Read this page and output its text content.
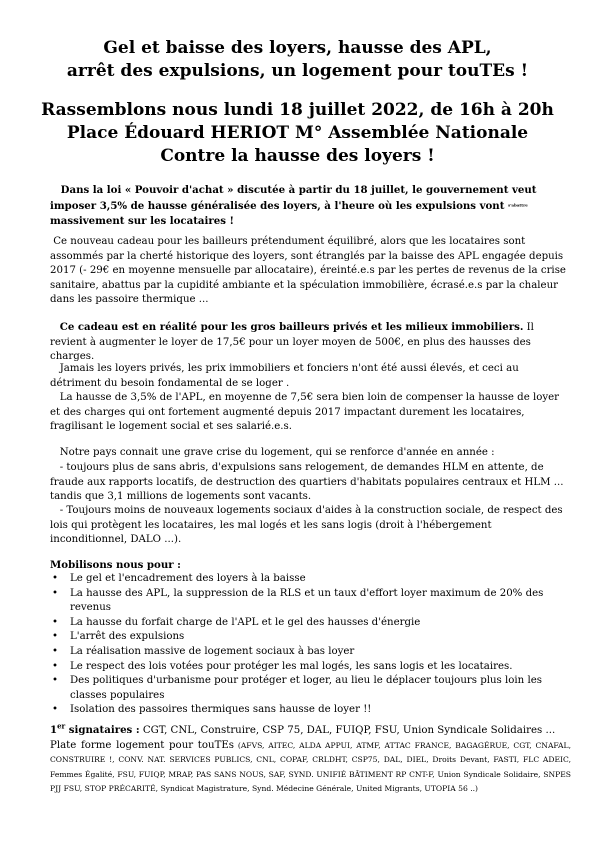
Gel et baisse des loyers, hausse des APL,
arrêt des expulsions, un logement pour touTEs !
Rassemblons nous lundi 18 juillet 2022, de 16h à 20h
Place Édouard HERIOT M° Assemblée Nationale
Contre la hausse des loyers !

Dans la loi « Pouvoir d'achat » discutée à partir du 18 juillet, le gouvernement veut imposer 3,5% de hausse généralisée des loyers, à l'heure où les expulsions vont s'abattre massivement sur les locataires !

Ce nouveau cadeau pour les bailleurs prétendument équilibré, alors que les locataires sont assommés par la cherté historique des loyers, sont étranglés par la baisse des APL engagée depuis 2017 (- 29€ en moyenne mensuelle par allocataire), éreinté.e.s par les pertes de revenus de la crise sanitaire, abattus par la cupidité ambiante et la spéculation immobilière, écrasé.e.s par la chaleur dans les passoire thermique ...

Ce cadeau est en réalité pour les gros bailleurs privés et les milieux immobiliers. Il revient à augmenter le loyer de 17,5€ pour un loyer moyen de 500€, en plus des hausses des charges.

Jamais les loyers privés, les prix immobiliers et fonciers n'ont été aussi élevés, et ceci au détriment du besoin fondamental de se loger .

La hausse de 3,5% de l'APL, en moyenne de 7,5€ sera bien loin de compenser la hausse de loyer et des charges qui ont fortement augmenté depuis 2017 impactant durement les locataires, fragilisant le logement social et ses salarié.e.s.

Notre pays connait une grave crise du logement, qui se renforce d'année en année :

- toujours plus de sans abris, d'expulsions sans relogement, de demandes HLM en attente, de fraude aux rapports locatifs, de destruction des quartiers d'habitats populaires centraux et HLM ... tandis que 3,1 millions de logements sont vacants.

- Toujours moins de nouveaux logements sociaux d'aides à la construction sociale, de respect des lois qui protègent les locataires, les mal logés et les sans logis (droit à l'hébergement inconditionnel, DALO ...).

Mobilisons nous pour :

• Le gel et l'encadrement des loyers à la baisse
• La hausse des APL, la suppression de la RLS et un taux d'effort loyer maximum de 20% des revenus
• La hausse du forfait charge de l'APL et le gel des hausses d'énergie
• L'arrêt des expulsions
• La réalisation massive de logement sociaux à bas loyer
• Le respect des lois votées pour protéger les mal logés, les sans logis et les locataires.
• Des politiques d'urbanisme pour protéger et loger, au lieu le déplacer toujours plus loin les classes populaires
• Isolation des passoires thermiques sans hausse de loyer !!

1er signataires : CGT, CNL, Construire, CSP 75, DAL, FUIQP, FSU, Union Syndicale Solidaires ...
Plate forme logement pour touTEs (AFVS, AITEC, ALDA APPUI, ATMF, ATTAC FRANCE, BAGAGÉRUE, CGT, CNAFAL, CONSTRUIRE !, CONV. NAT. SERVICES PUBLICS, CNL, COPAF, CRLDHT, CSP75, DAL, DIEL, Droits Devant, FASTI, FLC ADEIC, Femmes Égalité, FSU, FUIQP, MRAP, PAS SANS NOUS, SAF, SYND. UNIFIÉ BÂTIMENT RP CNT-F, Union Syndicale Solidaire, SNPES PJJ FSU, STOP PRÉCARITÉ, Syndicat Magistrature, Synd. Médecine Générale, United Migrants, UTOPIA 56 ..)
